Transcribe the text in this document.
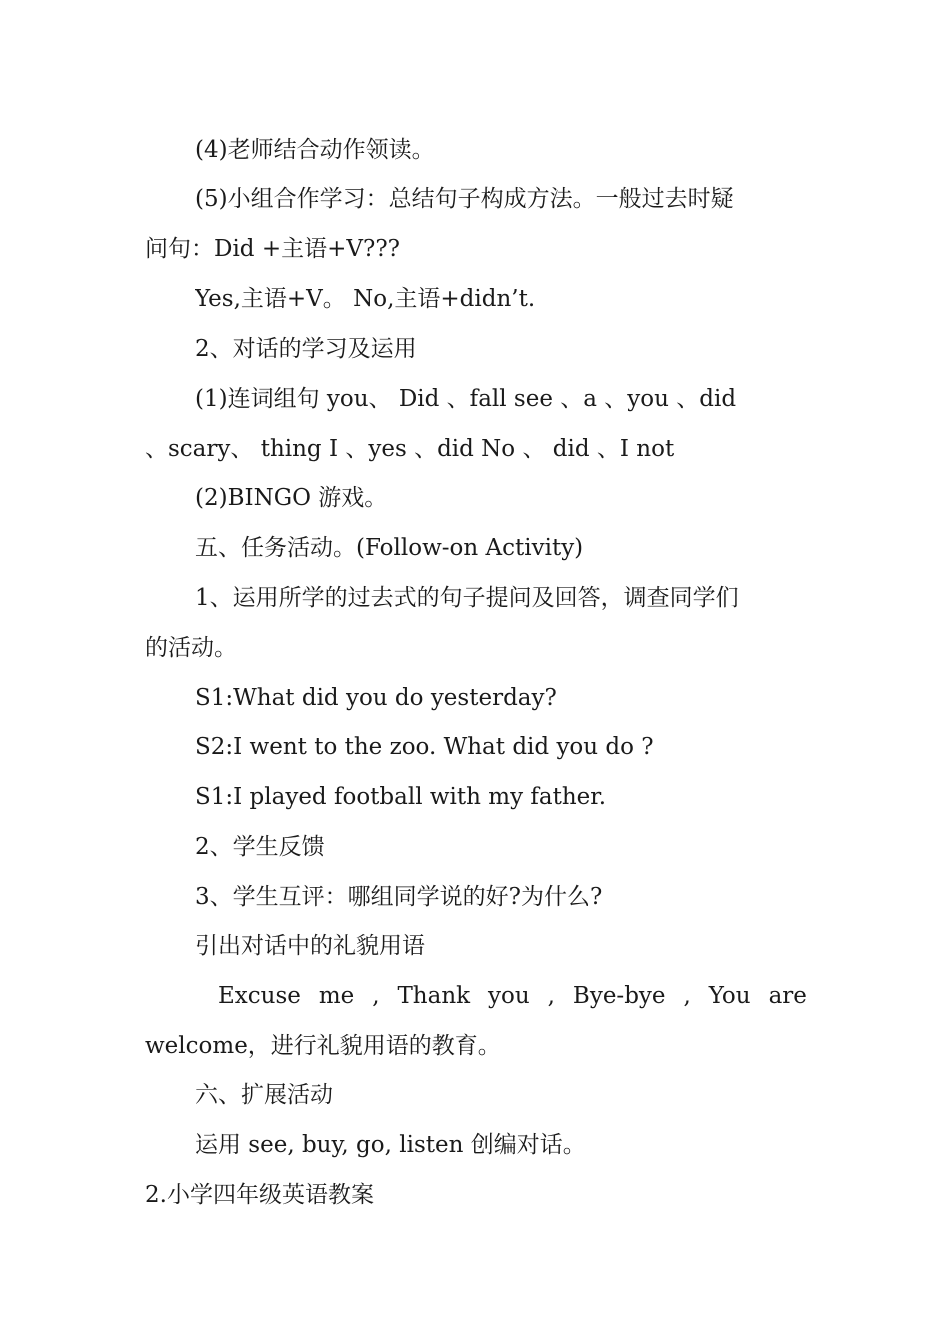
(4)老师结合动作领读。
(5)小组合作学习：总结句子构成方法。一般过去时疑
问句：Did +主语+V???
Yes,主语+V。 No,主语+didn’t.
2、对话的学习及运用
(1)连词组句 you、 Did 、fall see 、a 、you 、did
、scary、 thing I 、yes 、did No 、 did 、I not
(2)BINGO 游戏。
五、任务活动。(Follow-on Activity)
1、运用所学的过去式的句子提问及回答，调查同学们
的活动。
S1:What did you do yesterday?
S2:I went to the zoo. What did you do ?
S1:I played football with my father.
2、学生反馈
3、学生互评：哪组同学说的好?为什么?
引出对话中的礼貌用语
Excuse me , Thank you , Bye-bye , You are
welcome，进行礼貌用语的教育。
六、扩展活动
运用 see, buy, go, listen 创编对话。
2.小学四年级英语教案
